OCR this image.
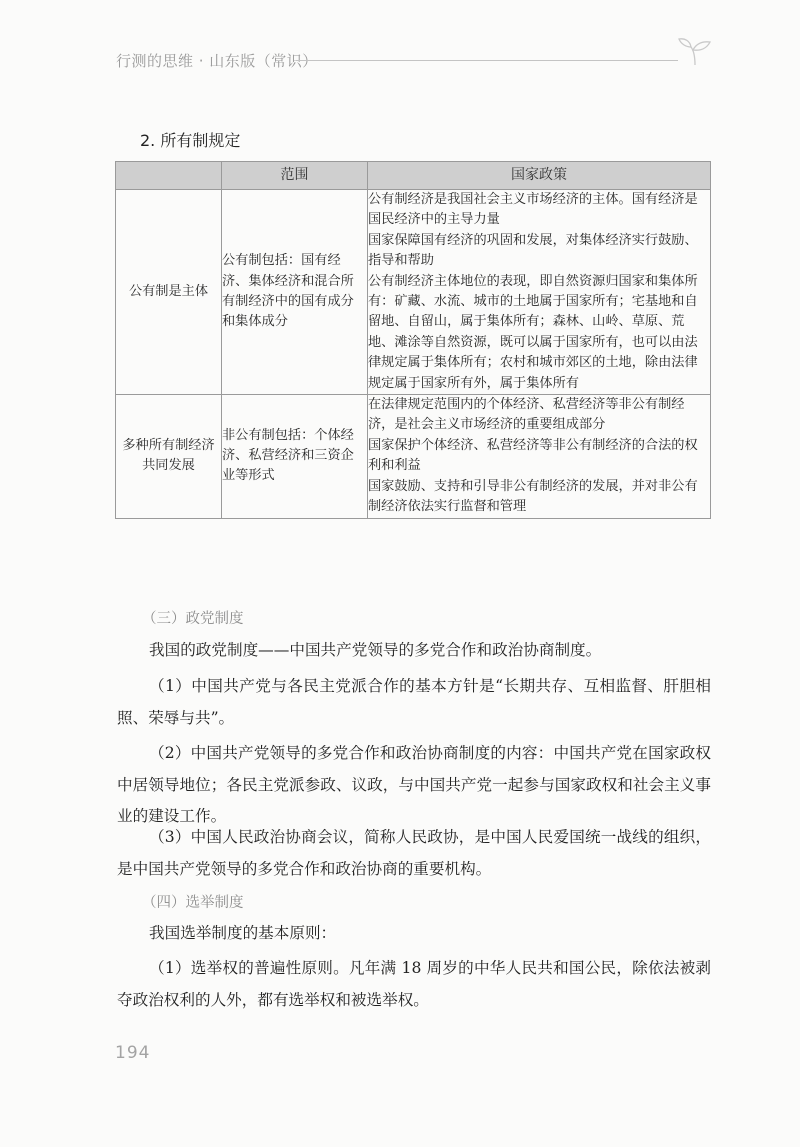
行测的思维 · 山东版（常识）
2. 所有制规定
	范围	国家政策
公有制是主体	公有制包括：国有经济、集体经济和混合所有制经济中的国有成分和集体成分	公有制经济是我国社会主义市场经济的主体。国有经济是国民经济中的主导力量

国家保障国有经济的巩固和发展，对集体经济实行鼓励、指导和帮助

公有制经济主体地位的表现，即自然资源归国家和集体所有：矿藏、水流、城市的土地属于国家所有；宅基地和自留地、自留山，属于集体所有；森林、山岭、草原、荒地、滩涂等自然资源，既可以属于国家所有，也可以由法律规定属于集体所有；农村和城市郊区的土地，除由法律规定属于国家所有外，属于集体所有

多种所有制经济共同发展	非公有制包括：个体经济、私营经济和三资企业等形式	在法律规定范围内的个体经济、私营经济等非公有制经济，是社会主义市场经济的重要组成部分

国家保护个体经济、私营经济等非公有制经济的合法的权利和利益

国家鼓励、支持和引导非公有制经济的发展，并对非公有制经济依法实行监督和管理

（三）政党制度
我国的政党制度——中国共产党领导的多党合作和政治协商制度。
（1）中国共产党与各民主党派合作的基本方针是“长期共存、互相监督、肝胆相照、荣辱与共”。
（2）中国共产党领导的多党合作和政治协商制度的内容：中国共产党在国家政权中居领导地位；各民主党派参政、议政，与中国共产党一起参与国家政权和社会主义事业的建设工作。
（3）中国人民政治协商会议，简称人民政协，是中国人民爱国统一战线的组织，是中国共产党领导的多党合作和政治协商的重要机构。
（四）选举制度
我国选举制度的基本原则：
（1）选举权的普遍性原则。凡年满 18 周岁的中华人民共和国公民，除依法被剥夺政治权利的人外，都有选举权和被选举权。
194
